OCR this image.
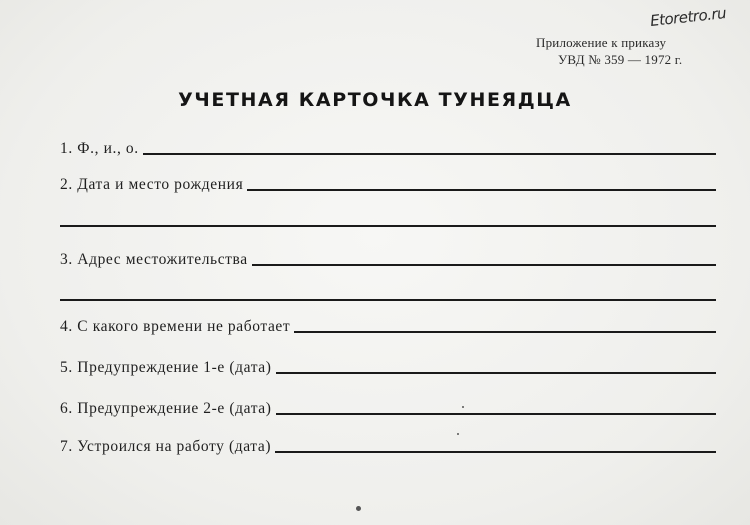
Etoretro.ru
Приложение к приказу
УВД № 359 — 1972 г.
УЧЕТНАЯ КАРТОЧКА ТУНЕЯДЦА
1. Ф., и., о.
2. Дата и место рождения
3. Адрес местожительства
4. С какого времени не работает
5. Предупреждение 1-е (дата)
6. Предупреждение 2-е (дата)
7. Устроился на работу (дата)
